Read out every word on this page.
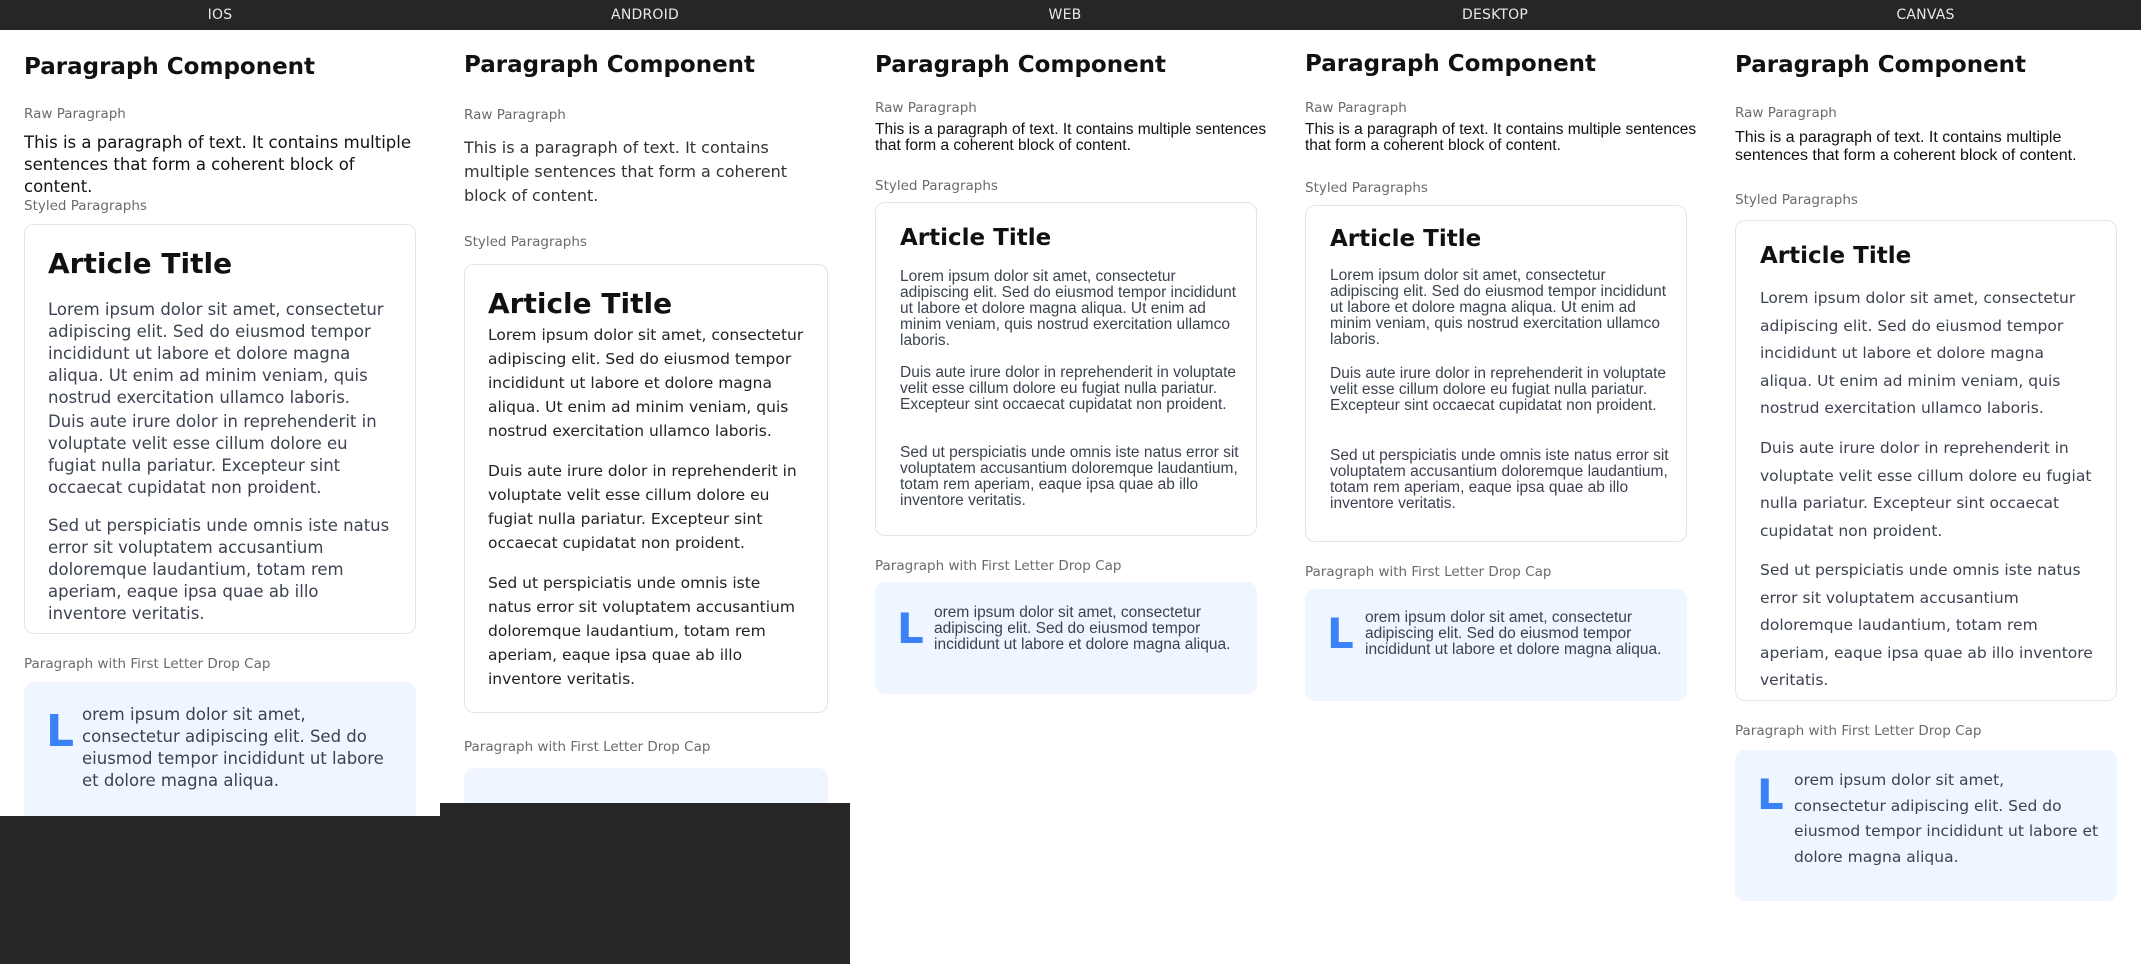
IOS	ANDROID	WEB	DESKTOP	CANVAS
Paragraph Component
Raw Paragraph
This is a paragraph of text. It contains multiple sentences that form a coherent block of content.
Styled Paragraphs
Article Title
Lorem ipsum dolor sit amet, consectetur adipiscing elit. Sed do eiusmod tempor incididunt ut labore et dolore magna aliqua. Ut enim ad minim veniam, quis nostrud exercitation ullamco laboris.
Duis aute irure dolor in reprehenderit in voluptate velit esse cillum dolore eu fugiat nulla pariatur. Excepteur sint occaecat cupidatat non proident.
Sed ut perspiciatis unde omnis iste natus error sit voluptatem accusantium doloremque laudantium, totam rem aperiam, eaque ipsa quae ab illo inventore veritatis.
Paragraph with First Letter Drop Cap
L orem ipsum dolor sit amet, consectetur adipiscing elit. Sed do eiusmod tempor incididunt ut labore et dolore magna aliqua.
Paragraph Component
Raw Paragraph
This is a paragraph of text. It contains multiple sentences that form a coherent block of content.
Styled Paragraphs
Article Title
Lorem ipsum dolor sit amet, consectetur adipiscing elit. Sed do eiusmod tempor incididunt ut labore et dolore magna aliqua. Ut enim ad minim veniam, quis nostrud exercitation ullamco laboris.
Duis aute irure dolor in reprehenderit in voluptate velit esse cillum dolore eu fugiat nulla pariatur. Excepteur sint occaecat cupidatat non proident.
Sed ut perspiciatis unde omnis iste natus error sit voluptatem accusantium doloremque laudantium, totam rem aperiam, eaque ipsa quae ab illo inventore veritatis.
Paragraph with First Letter Drop Cap
Paragraph Component
Raw Paragraph
This is a paragraph of text. It contains multiple sentences that form a coherent block of content.
Styled Paragraphs
Article Title
Lorem ipsum dolor sit amet, consectetur adipiscing elit. Sed do eiusmod tempor incididunt ut labore et dolore magna aliqua. Ut enim ad minim veniam, quis nostrud exercitation ullamco laboris.
Duis aute irure dolor in reprehenderit in voluptate velit esse cillum dolore eu fugiat nulla pariatur. Excepteur sint occaecat cupidatat non proident.
Sed ut perspiciatis unde omnis iste natus error sit voluptatem accusantium doloremque laudantium, totam rem aperiam, eaque ipsa quae ab illo inventore veritatis.
Paragraph with First Letter Drop Cap
L orem ipsum dolor sit amet, consectetur adipiscing elit. Sed do eiusmod tempor incididunt ut labore et dolore magna aliqua.
Paragraph Component
Raw Paragraph
This is a paragraph of text. It contains multiple sentences that form a coherent block of content.
Styled Paragraphs
Article Title
Lorem ipsum dolor sit amet, consectetur adipiscing elit. Sed do eiusmod tempor incididunt ut labore et dolore magna aliqua. Ut enim ad minim veniam, quis nostrud exercitation ullamco laboris.
Duis aute irure dolor in reprehenderit in voluptate velit esse cillum dolore eu fugiat nulla pariatur. Excepteur sint occaecat cupidatat non proident.
Sed ut perspiciatis unde omnis iste natus error sit voluptatem accusantium doloremque laudantium, totam rem aperiam, eaque ipsa quae ab illo inventore veritatis.
Paragraph with First Letter Drop Cap
L orem ipsum dolor sit amet, consectetur adipiscing elit. Sed do eiusmod tempor incididunt ut labore et dolore magna aliqua.
Paragraph Component
Raw Paragraph
This is a paragraph of text. It contains multiple sentences that form a coherent block of content.
Styled Paragraphs
Article Title
Lorem ipsum dolor sit amet, consectetur adipiscing elit. Sed do eiusmod tempor incididunt ut labore et dolore magna aliqua. Ut enim ad minim veniam, quis nostrud exercitation ullamco laboris.
Duis aute irure dolor in reprehenderit in voluptate velit esse cillum dolore eu fugiat nulla pariatur. Excepteur sint occaecat cupidatat non proident.
Sed ut perspiciatis unde omnis iste natus error sit voluptatem accusantium doloremque laudantium, totam rem aperiam, eaque ipsa quae ab illo inventore veritatis.
Paragraph with First Letter Drop Cap
L orem ipsum dolor sit amet, consectetur adipiscing elit. Sed do eiusmod tempor incididunt ut labore et dolore magna aliqua.
